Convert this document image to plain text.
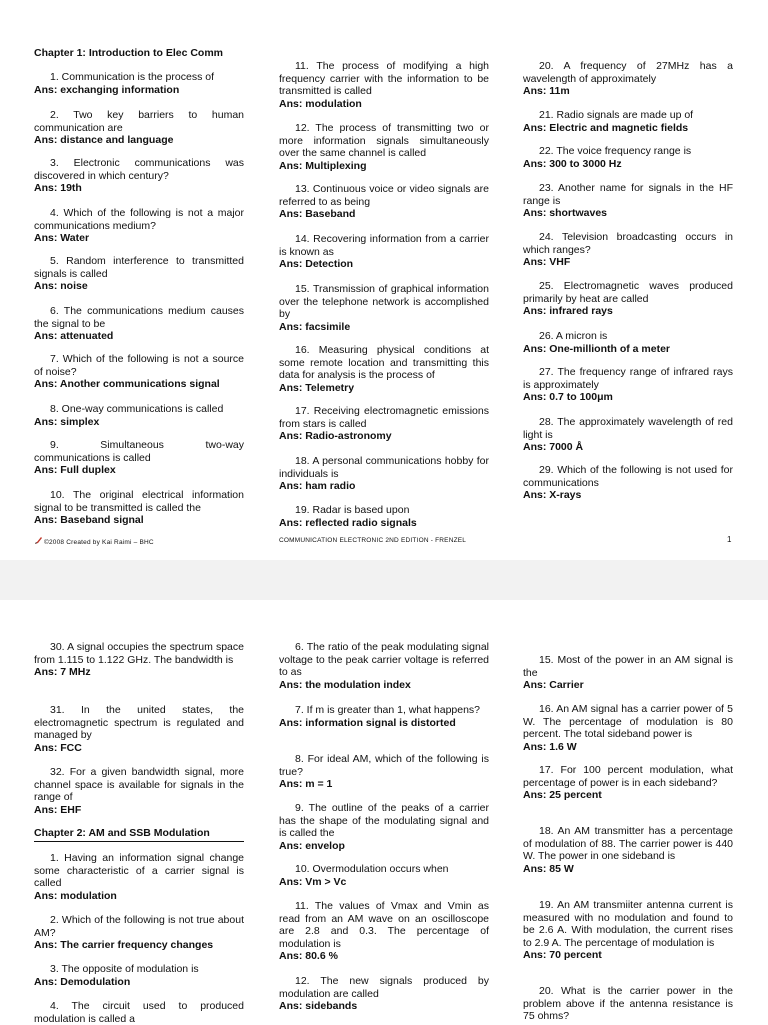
Chapter 1: Introduction to Elec Comm
1. Communication is the process of
Ans: exchanging information
2. Two key barriers to human communication are
Ans: distance and language
3. Electronic communications was discovered in which century?
Ans: 19th
4. Which of the following is not a major communications medium?
Ans: Water
5. Random interference to transmitted signals is called
Ans: noise
6. The communications medium causes the signal to be
Ans: attenuated
7. Which of the following is not a source of noise?
Ans: Another communications signal
8. One-way communications is called
Ans: simplex
9. Simultaneous two-way communications is called
Ans: Full duplex
10. The original electrical information signal to be transmitted is called the
Ans: Baseband signal
11. The process of modifying a high frequency carrier with the information to be transmitted is called
Ans: modulation
12. The process of transmitting two or more information signals simultaneously over the same channel is called
Ans: Multiplexing
13. Continuous voice or video signals are referred to as being
Ans: Baseband
14. Recovering information from a carrier is known as
Ans: Detection
15. Transmission of graphical information over the telephone network is accomplished by
Ans: facsimile
16. Measuring physical conditions at some remote location and transmitting this data for analysis is the process of
Ans: Telemetry
17. Receiving electromagnetic emissions from stars is called
Ans: Radio-astronomy
18. A personal communications hobby for individuals is
Ans: ham radio
19. Radar is based upon
Ans: reflected radio signals
20. A frequency of 27MHz has a wavelength of approximately
Ans: 11m
21. Radio signals are made up of
Ans: Electric and magnetic fields
22. The voice frequency range is
Ans: 300 to 3000 Hz
23. Another name for signals in the HF range is
Ans: shortwaves
24. Television broadcasting occurs in which ranges?
Ans: VHF
25. Electromagnetic waves produced primarily by heat are called
Ans: infrared rays
26. A micron is
Ans: One-millionth of a meter
27. The frequency range of infrared rays is approximately
Ans: 0.7 to 100μm
28. The approximately wavelength of red light is
Ans: 7000 Å
29. Which of the following is not used for communications
Ans: X-rays
©2008 Created by Kai Raimi – BHC	COMMUNICATION ELECTRONIC 2ND EDITION - FRENZEL	1
30. A signal occupies the spectrum space from 1.115 to 1.122 GHz. The bandwidth is
Ans: 7 MHz
31. In the united states, the electromagnetic spectrum is regulated and managed by
Ans: FCC
32. For a given bandwidth signal, more channel space is available for signals in the range of
Ans: EHF
Chapter 2: AM and SSB Modulation
1. Having an information signal change some characteristic of a carrier signal is called
Ans: modulation
2. Which of the following is not true about AM?
Ans: The carrier frequency changes
3. The opposite of modulation is
Ans: Demodulation
4. The circuit used to produced modulation is called a
6. The ratio of the peak modulating signal voltage to the peak carrier voltage is referred to as
Ans: the modulation index
7. If m is greater than 1, what happens?
Ans: information signal is distorted
8. For ideal AM, which of the following is true?
Ans: m = 1
9. The outline of the peaks of a carrier has the shape of the modulating signal and is called the
Ans: envelop
10. Overmodulation occurs when
Ans: Vm > Vc
11. The values of Vmax and Vmin as read from an AM wave on an oscilloscope are 2.8 and 0.3. The percentage of modulation is
Ans: 80.6 %
12. The new signals produced by modulation are called
Ans: sidebands
15. Most of the power in an AM signal is the
Ans: Carrier
16. An AM signal has a carrier power of 5 W. The percentage of modulation is 80 percent. The total sideband power is
Ans: 1.6 W
17. For 100 percent modulation, what percentage of power is in each sideband?
Ans: 25 percent
18. An AM transmitter has a percentage of modulation of 88. The carrier power is 440 W. The power in one sideband is
Ans: 85 W
19. An AM transmiiter antenna current is measured with no modulation and found to be 2.6 A. With modulation, the current rises to 2.9 A. The percentage of modulation is
Ans: 70 percent
20. What is the carrier power in the problem above if the antenna resistance is 75 ohms?
